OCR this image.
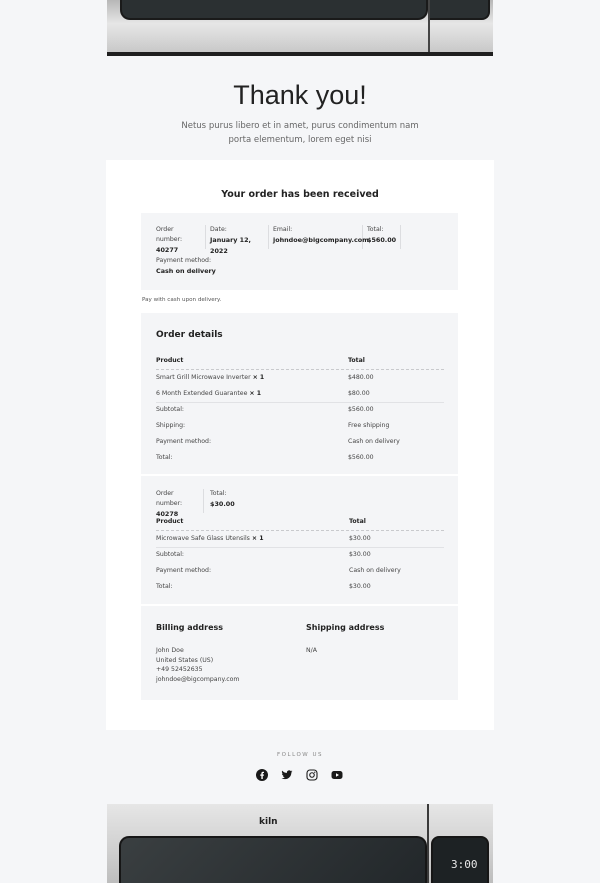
Thank you!

Netus purus libero et in amet, purus condimentum nam porta elementum, lorem eget nisi

Your order has been received
Order number:
40277
Date:
January 12, 2022
Email:
johndoe@bigcompany.com
Total:
$560.00
Payment method:
Cash on delivery
Pay with cash upon delivery.
Order details
Product	Total
Smart Grill Microwave Inverter × 1	$480.00
6 Month Extended Guarantee × 1	$80.00
Subtotal:	$560.00
Shipping:	Free shipping
Payment method:	Cash on delivery
Total:	$560.00
Order number:
40278
Total:
$30.00
Product	Total
Microwave Safe Glass Utensils × 1	$30.00
Subtotal:	$30.00
Payment method:	Cash on delivery
Total:	$30.00
Billing address
John Doe
United States (US)
+49 52452635
johndoe@bigcompany.com
Shipping address
N/A
FOLLOW US
kiln
3:00
